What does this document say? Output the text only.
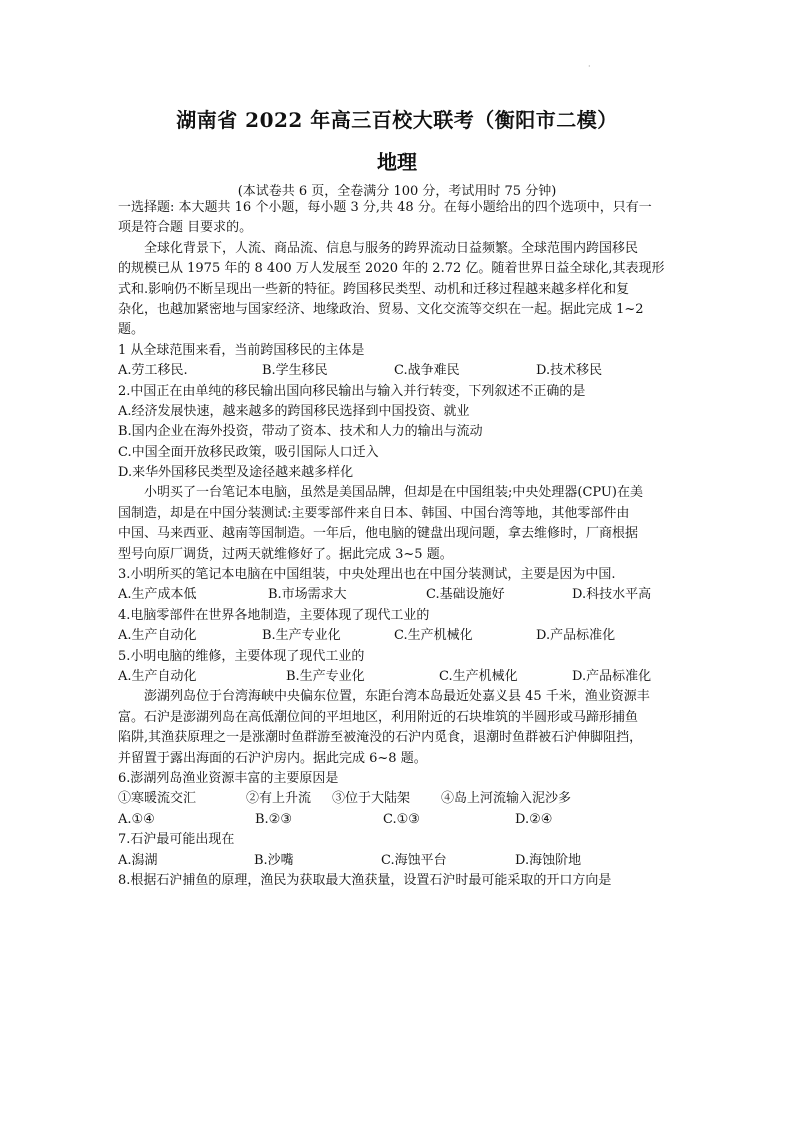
·
湖南省 2022 年高三百校大联考（衡阳市二模）
地理
(本试卷共 6 页，全卷满分 100 分，考试用时 75 分钟)
一选择题: 本大题共 16 个小题，每小题 3 分,共 48 分。在每小题给出的四个选项中，只有一
项是符合题 目要求的。
全球化背景下，人流、商品流、信息与服务的跨界流动日益频繁。全球范围内跨国移民
的规模已从 1975 年的 8 400 万人发展至 2020 年的 2.72 亿。随着世界日益全球化,其表现形
式和.影响仍不断呈现出一些新的特征。跨国移民类型、动机和迁移过程越来越多样化和复
杂化，也越加紧密地与国家经济、地缘政治、贸易、文化交流等交织在一起。据此完成 1~2
题。
1 从全球范围来看，当前跨国移民的主体是
A.劳工移民.	B.学生移民	C.战争难民	D.技术移民
2.中国正在由单纯的移民输出国向移民输出与输入并行转变，下列叙述不正确的是
A.经济发展快速，越来越多的跨国移民选择到中国投资、就业
B.国内企业在海外投资，带动了资本、技术和人力的输出与流动
C.中国全面开放移民政策，吸引国际人口迁入
D.来华外国移民类型及途径越来越多样化
小明买了一台笔记本电脑，虽然是美国品牌，但却是在中国组装;中央处理器(CPU)在美
国制造，却是在中国分装测试:主要零部件来自日本、韩国、中国台湾等地，其他零部件由
中国、马来西亚、越南等国制造。一年后，他电脑的键盘出现问题，拿去维修时，厂商根据
型号向原厂调货，过两天就维修好了。据此完成 3~5 题。
3.小明所买的笔记本电脑在中国组装，中央处理出也在中国分装测试，主要是因为中国.
A.生产成本低	B.市场需求大	C.基础设施好	D.科技水平高
4.电脑零部件在世界各地制造，主要体现了现代工业的
A.生产自动化	B.生产专业化	C.生产机械化	D.产品标准化
5.小明电脑的维修，主要体现了现代工业的
A.生产自动化	B.生产专业化	C.生产机械化	D.产品标准化
澎湖列岛位于台湾海峡中央偏东位置，东距台湾本岛最近处嘉义县 45 千米，渔业资源丰
富。石沪是澎湖列岛在高低潮位间的平坦地区，利用附近的石块堆筑的半圆形或马蹄形捕鱼
陷阱,其渔获原理之一是涨潮时鱼群游至被淹没的石沪内觅食，退潮时鱼群被石沪伸脚阻挡，
并留置于露出海面的石沪沪房内。据此完成 6~8 题。
6.澎湖列岛渔业资源丰富的主要原因是
①寒暖流交汇	②有上升流	③位于大陆架	④岛上河流输入泥沙多
A.①④	B.②③	C.①③	D.②④
7.石沪最可能出现在
A.潟湖	B.沙嘴	C.海蚀平台	D.海蚀阶地
8.根据石沪捕鱼的原理，渔民为获取最大渔获量，设置石沪时最可能采取的开口方向是
